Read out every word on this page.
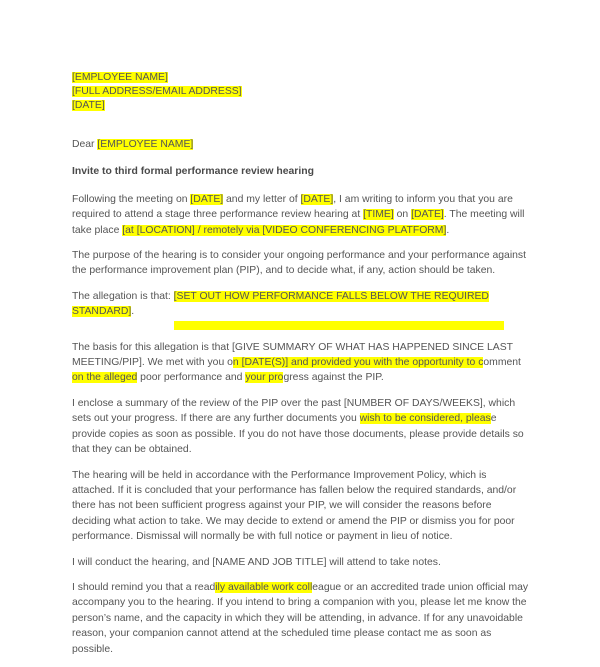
[EMPLOYEE NAME]
[FULL ADDRESS/EMAIL ADDRESS]
[DATE]

Dear [EMPLOYEE NAME]

Invite to third formal performance review hearing

Following the meeting on [DATE] and my letter of [DATE], I am writing to inform you that you are required to attend a stage three performance review hearing at [TIME] on [DATE]. The meeting will take place [at [LOCATION] / remotely via [VIDEO CONFERENCING PLATFORM].

The purpose of the hearing is to consider your ongoing performance and your performance against the performance improvement plan (PIP), and to decide what, if any, action should be taken.

The allegation is that: [SET OUT HOW PERFORMANCE FALLS BELOW THE REQUIRED STANDARD].

The basis for this allegation is that [GIVE SUMMARY OF WHAT HAS HAPPENED SINCE LAST MEETING/PIP]. We met with you on [DATE(S)] and provided you with the opportunity to comment on the alleged poor performance and your progress against the PIP.

I enclose a summary of the review of the PIP over the past [NUMBER OF DAYS/WEEKS], which sets out your progress. If there are any further documents you wish to be considered, please provide copies as soon as possible. If you do not have those documents, please provide details so that they can be obtained.

The hearing will be held in accordance with the Performance Improvement Policy, which is attached. If it is concluded that your performance has fallen below the required standards, and/or there has not been sufficient progress against your PIP, we will consider the reasons before deciding what action to take. We may decide to extend or amend the PIP or dismiss you for poor performance. Dismissal will normally be with full notice or payment in lieu of notice.

I will conduct the hearing, and [NAME AND JOB TITLE] will attend to take notes.

I should remind you that a readily available work colleague or an accredited trade union official may accompany you to the hearing. If you intend to bring a companion with you, please let me know the person’s name, and the capacity in which they will be attending, in advance. If for any unavoidable reason, your companion cannot attend at the scheduled time please contact me as soon as possible.
